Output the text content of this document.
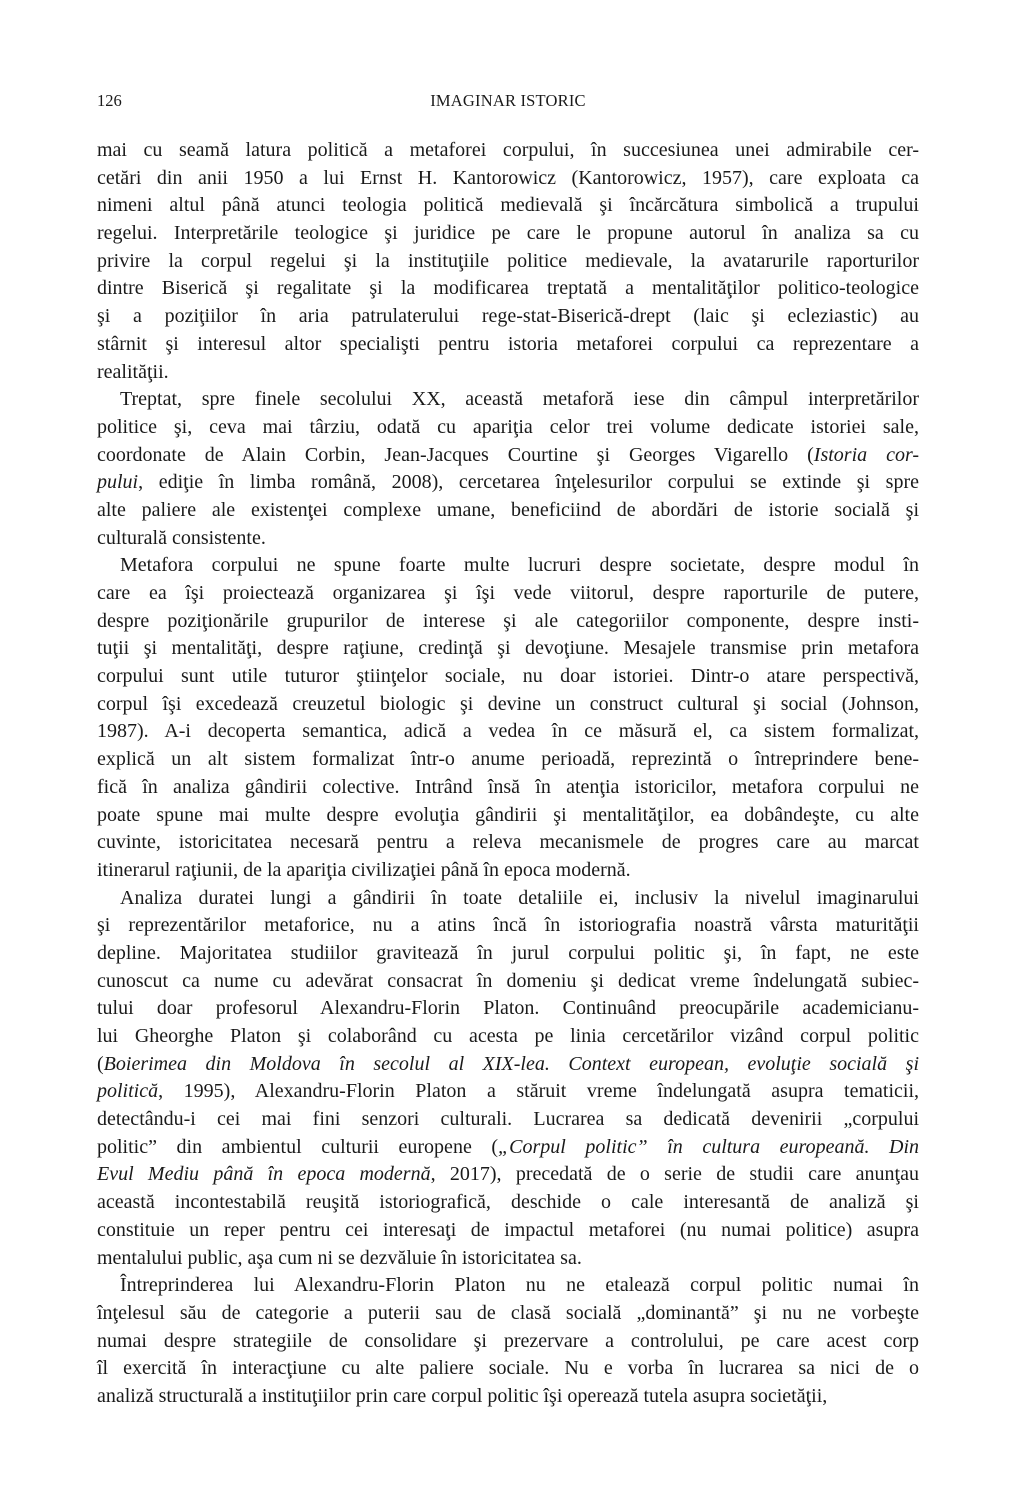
126	IMAGINAR ISTORIC
mai cu seamă latura politică a metaforei corpului, în succesiunea unei admirabile cer-
cetări din anii 1950 a lui Ernst H. Kantorowicz (Kantorowicz, 1957), care exploata ca
nimeni altul până atunci teologia politică medievală şi încărcătura simbolică a trupului
regelui. Interpretările teologice şi juridice pe care le propune autorul în analiza sa cu
privire la corpul regelui şi la instituţiile politice medievale, la avatarurile raporturilor
dintre Biserică şi regalitate şi la modificarea treptată a mentalităţilor politico-teologice
şi a poziţiilor în aria patrulaterului rege-stat-Biserică-drept (laic şi ecleziastic) au
stârnit şi interesul altor specialişti pentru istoria metaforei corpului ca reprezentare a
realităţii.
Treptat, spre finele secolului XX, această metaforă iese din câmpul interpretărilor
politice şi, ceva mai târziu, odată cu apariţia celor trei volume dedicate istoriei sale,
coordonate de Alain Corbin, Jean-Jacques Courtine şi Georges Vigarello (Istoria cor-
pului, ediţie în limba română, 2008), cercetarea înţelesurilor corpului se extinde şi spre
alte paliere ale existenţei complexe umane, beneficiind de abordări de istorie socială şi
culturală consistente.
Metafora corpului ne spune foarte multe lucruri despre societate, despre modul în
care ea îşi proiectează organizarea şi îşi vede viitorul, despre raporturile de putere,
despre poziţionările grupurilor de interese şi ale categoriilor componente, despre insti-
tuţii şi mentalităţi, despre raţiune, credinţă şi devoţiune. Mesajele transmise prin metafora
corpului sunt utile tuturor ştiinţelor sociale, nu doar istoriei. Dintr-o atare perspectivă,
corpul îşi excedează creuzetul biologic şi devine un construct cultural şi social (Johnson,
1987). A-i decoperta semantica, adică a vedea în ce măsură el, ca sistem formalizat,
explică un alt sistem formalizat într-o anume perioadă, reprezintă o întreprindere bene-
fică în analiza gândirii colective. Intrând însă în atenţia istoricilor, metafora corpului ne
poate spune mai multe despre evoluţia gândirii şi mentalităţilor, ea dobândeşte, cu alte
cuvinte, istoricitatea necesară pentru a releva mecanismele de progres care au marcat
itinerarul raţiunii, de la apariţia civilizaţiei până în epoca modernă.
Analiza duratei lungi a gândirii în toate detaliile ei, inclusiv la nivelul imaginarului
şi reprezentărilor metaforice, nu a atins încă în istoriografia noastră vârsta maturităţii
depline. Majoritatea studiilor gravitează în jurul corpului politic şi, în fapt, ne este
cunoscut ca nume cu adevărat consacrat în domeniu şi dedicat vreme îndelungată subiec-
tului doar profesorul Alexandru-Florin Platon. Continuând preocupările academicianu-
lui Gheorghe Platon şi colaborând cu acesta pe linia cercetărilor vizând corpul politic
(Boierimea din Moldova în secolul al XIX-lea. Context european, evoluţie socială şi
politică, 1995), Alexandru-Florin Platon a stăruit vreme îndelungată asupra tematicii,
detectându-i cei mai fini senzori culturali. Lucrarea sa dedicată devenirii „corpului
politic” din ambientul culturii europene („Corpul politic” în cultura europeană. Din
Evul Mediu până în epoca modernă, 2017), precedată de o serie de studii care anunţau
această incontestabilă reuşită istoriografică, deschide o cale interesantă de analiză şi
constituie un reper pentru cei interesaţi de impactul metaforei (nu numai politice) asupra
mentalului public, aşa cum ni se dezvăluie în istoricitatea sa.
Întreprinderea lui Alexandru-Florin Platon nu ne etalează corpul politic numai în
înţelesul său de categorie a puterii sau de clasă socială „dominantă” şi nu ne vorbeşte
numai despre strategiile de consolidare şi prezervare a controlului, pe care acest corp
îl exercită în interacţiune cu alte paliere sociale. Nu e vorba în lucrarea sa nici de o
analiză structurală a instituţiilor prin care corpul politic îşi operează tutela asupra societăţii,
